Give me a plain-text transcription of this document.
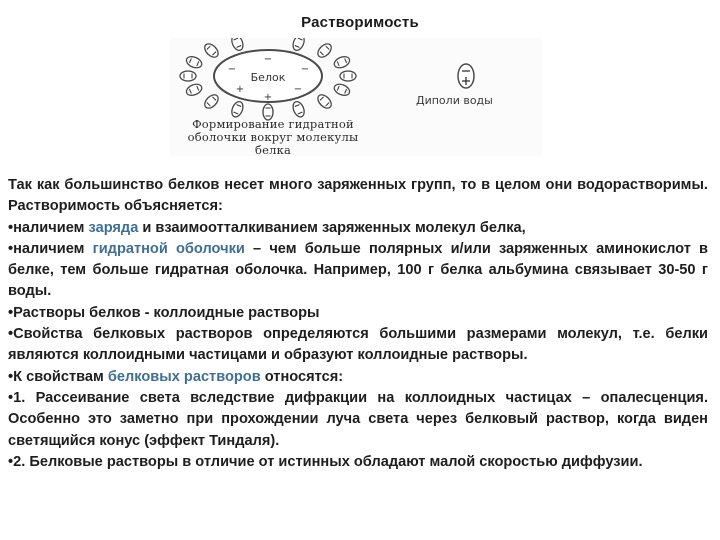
Растворимость
Белок
−	−
+	−
−
+	Диполи воды
Формирование гидратной
оболочки вокруг молекулы белка

Так как большинство белков несет много заряженных групп, то в целом они водорастворимы. Растворимость объясняется:

•наличием заряда и взаимоотталкиванием заряженных молекул белка,

•наличием гидратной оболочки – чем больше полярных и/или заряженных аминокислот в белке, тем больше гидратная оболочка. Например, 100 г белка альбумина связывает 30-50 г воды.

•Растворы белков - коллоидные растворы

•Свойства белковых растворов определяются большими размерами молекул, т.е. белки являются коллоидными частицами и образуют коллоидные растворы.

•К свойствам белковых растворов относятся:

•1. Рассеивание света вследствие дифракции на коллоидных частицах – опалесценция. Особенно это заметно при прохождении луча света через белковый раствор, когда виден светящийся конус (эффект Тиндаля).

•2. Белковые растворы в отличие от истинных обладают малой скоростью диффузии.
